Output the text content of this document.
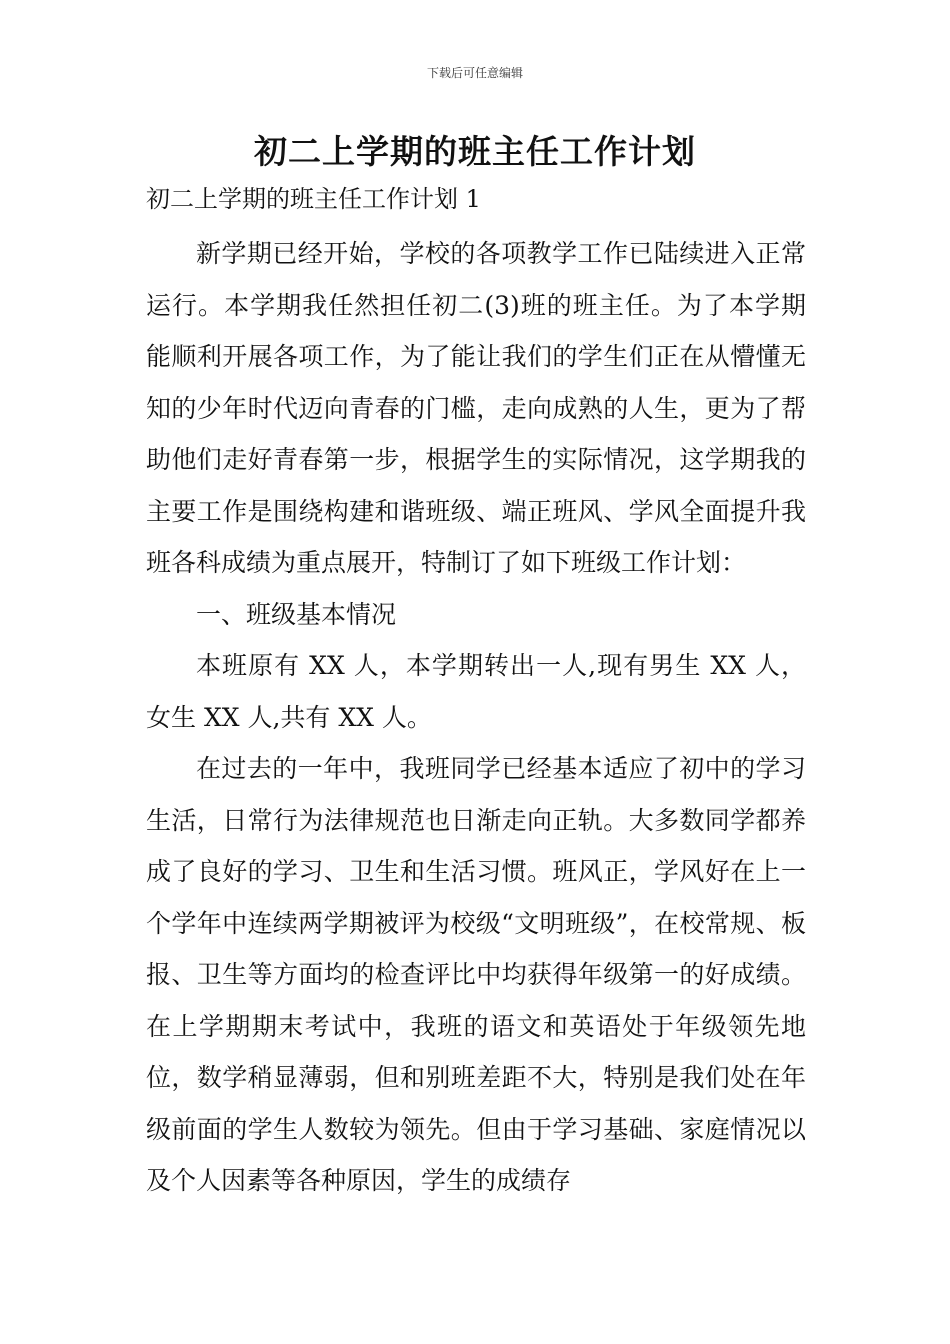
下载后可任意编辑
初二上学期的班主任工作计划
初二上学期的班主任工作计划 1

新学期已经开始，学校的各项教学工作已陆续进入正常运行。本学期我任然担任初二(3)班的班主任。为了本学期能顺利开展各项工作，为了能让我们的学生们正在从懵懂无知的少年时代迈向青春的门槛，走向成熟的人生，更为了帮助他们走好青春第一步，根据学生的实际情况，这学期我的主要工作是围绕构建和谐班级、端正班风、学风全面提升我班各科成绩为重点展开，特制订了如下班级工作计划：

一、班级基本情况

本班原有 XX 人，本学期转出一人,现有男生 XX 人，女生 XX 人,共有 XX 人。

在过去的一年中，我班同学已经基本适应了初中的学习生活，日常行为法律规范也日渐走向正轨。大多数同学都养成了良好的学习、卫生和生活习惯。班风正，学风好在上一个学年中连续两学期被评为校级“文明班级”，在校常规、板报、卫生等方面均的检查评比中均获得年级第一的好成绩。在上学期期末考试中，我班的语文和英语处于年级领先地位，数学稍显薄弱，但和别班差距不大，特别是我们处在年级前面的学生人数较为领先。但由于学习基础、家庭情况以及个人因素等各种原因，学生的成绩存
